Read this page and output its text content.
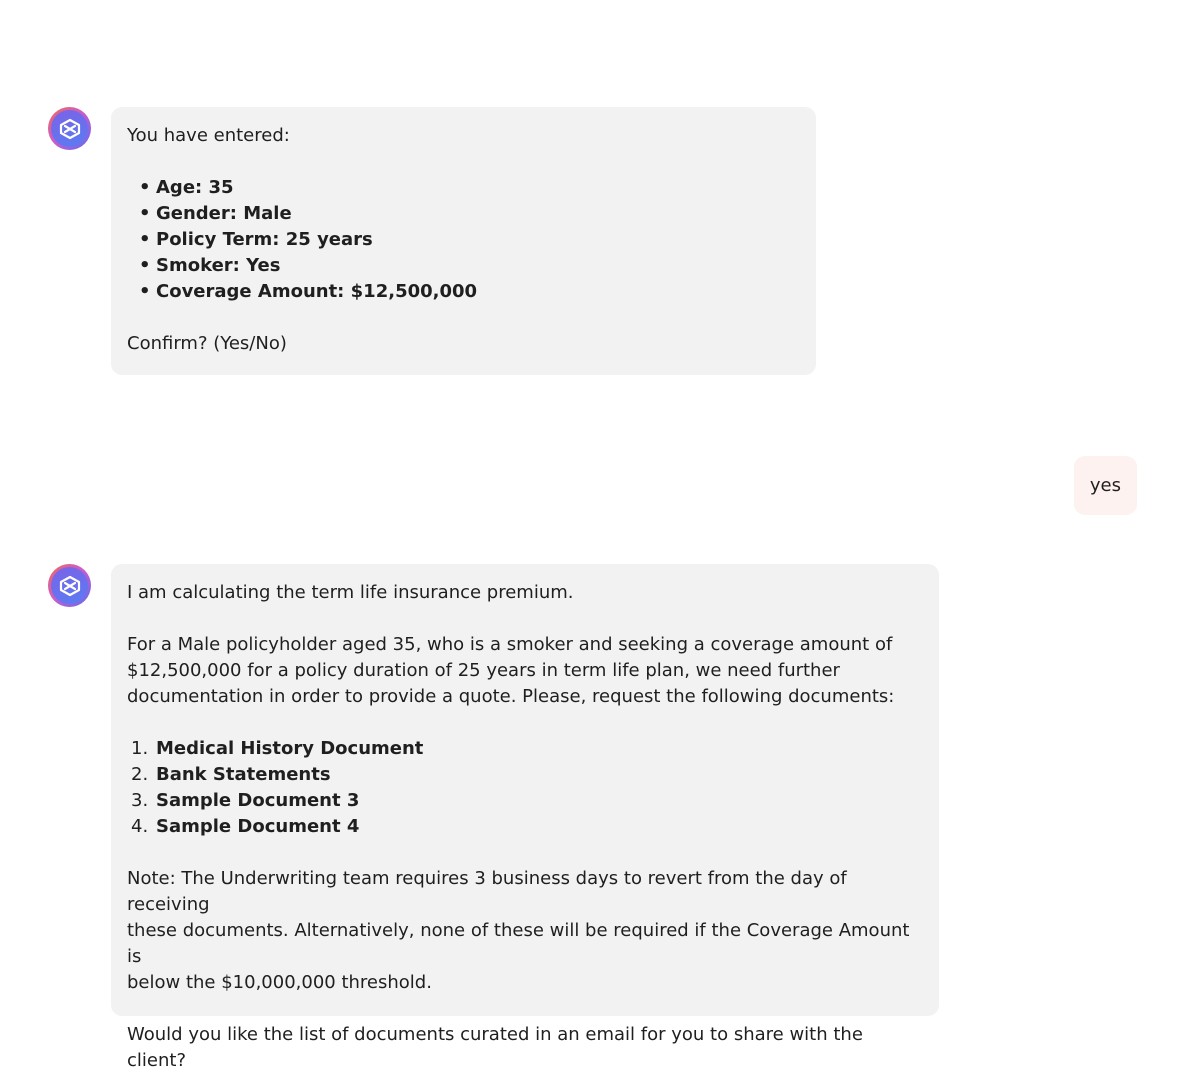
You have entered:

• Age: 35
• Gender: Male
• Policy Term: 25 years
• Smoker: Yes
• Coverage Amount: $12,500,000

Confirm? (Yes/No)

yes

I am calculating the term life insurance premium.

For a Male policyholder aged 35, who is a smoker and seeking a coverage amount of

$12,500,000 for a policy duration of 25 years in term life plan, we need further

documentation in order to provide a quote. Please, request the following documents:

1. Medical History Document
2. Bank Statements
3. Sample Document 3
4. Sample Document 4

Note: The Underwriting team requires 3 business days to revert from the day of receiving

these documents. Alternatively, none of these will be required if the Coverage Amount is

below the $10,000,000 threshold.

Would you like the list of documents curated in an email for you to share with the client?
